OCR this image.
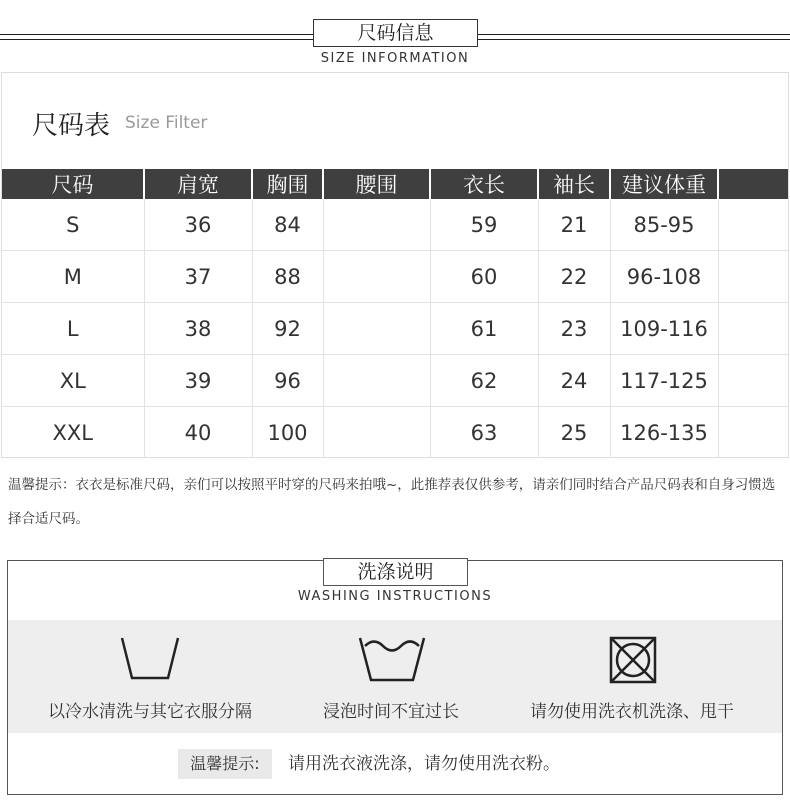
尺码信息
SIZE INFORMATION
尺码表 Size Filter
尺码	肩宽	胸围	腰围	衣长	袖长	建议体重	
S	36	84		59	21	85-95	
M	37	88		60	22	96-108	
L	38	92		61	23	109-116	
XL	39	96		62	24	117-125	
XXL	40	100		63	25	126-135	
温馨提示：衣衣是标准尺码，亲们可以按照平时穿的尺码来拍哦~，此推荐表仅供参考，请亲们同时结合产品尺码表和自身习惯选择合适尺码。
洗涤说明
WASHING INSTRUCTIONS
以冷水清洗与其它衣服分隔	浸泡时间不宜过长	请勿使用洗衣机洗涤、甩干
温馨提示:	请用洗衣液洗涤，请勿使用洗衣粉。
